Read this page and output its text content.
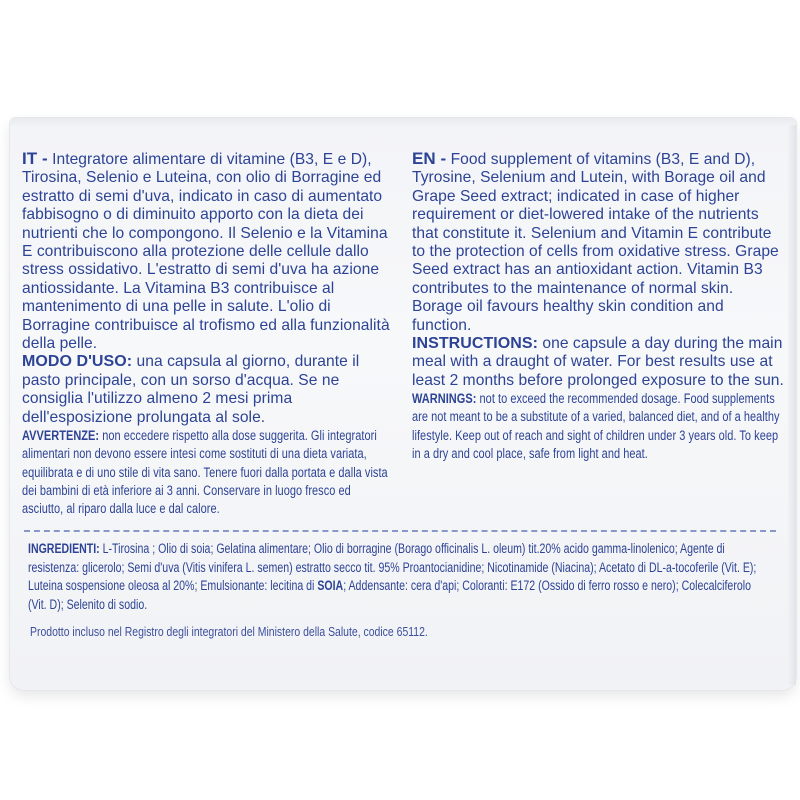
IT - Integratore alimentare di vitamine (B3, E e D), Tirosina, Selenio e Luteina, con olio di Borragine ed estratto di semi d'uva, indicato in caso di aumentato fabbisogno o di diminuito apporto con la dieta dei nutrienti che lo compongono. Il Selenio e la Vitamina E contribuiscono alla protezione delle cellule dallo stress ossidativo. L'estratto di semi d'uva ha azione antiossidante. La Vitamina B3 contribuisce al mantenimento di una pelle in salute. L'olio di Borragine contribuisce al trofismo ed alla funzionalità della pelle.

MODO D'USO: una capsula al giorno, durante il pasto principale, con un sorso d'acqua. Se ne consiglia l'utilizzo almeno 2 mesi prima dell'esposizione prolungata al sole.

AVVERTENZE: non eccedere rispetto alla dose suggerita. Gli integratori alimentari non devono essere intesi come sostituti di una dieta variata, equilibrata e di uno stile di vita sano. Tenere fuori dalla portata e dalla vista dei bambini di età inferiore ai 3 anni. Conservare in luogo fresco ed asciutto, al riparo dalla luce e dal calore.

EN - Food supplement of vitamins (B3, E and D), Tyrosine, Selenium and Lutein, with Borage oil and Grape Seed extract; indicated in case of higher requirement or diet-lowered intake of the nutrients that constitute it. Selenium and Vitamin E contribute to the protection of cells from oxidative stress. Grape Seed extract has an antioxidant action. Vitamin B3 contributes to the maintenance of normal skin. Borage oil favours healthy skin condition and function.

INSTRUCTIONS: one capsule a day during the main meal with a draught of water. For best results use at least 2 months before prolonged exposure to the sun.

WARNINGS: not to exceed the recommended dosage. Food supplements are not meant to be a substitute of a varied, balanced diet, and of a healthy lifestyle. Keep out of reach and sight of children under 3 years old. To keep in a dry and cool place, safe from light and heat.

INGREDIENTI: L-Tirosina ; Olio di soia; Gelatina alimentare; Olio di borragine (Borago officinalis L. oleum) tit.20% acido gamma-linolenico; Agente di resistenza: glicerolo; Semi d'uva (Vitis vinifera L. semen) estratto secco tit. 95% Proantocianidine; Nicotinamide (Niacina); Acetato di DL-a-tocoferile (Vit. E); Luteina sospensione oleosa al 20%; Emulsionante: lecitina di SOIA; Addensante: cera d'api; Coloranti: E172 (Ossido di ferro rosso e nero); Colecalciferolo (Vit. D); Selenito di sodio.

Prodotto incluso nel Registro degli integratori del Ministero della Salute, codice 65112.
